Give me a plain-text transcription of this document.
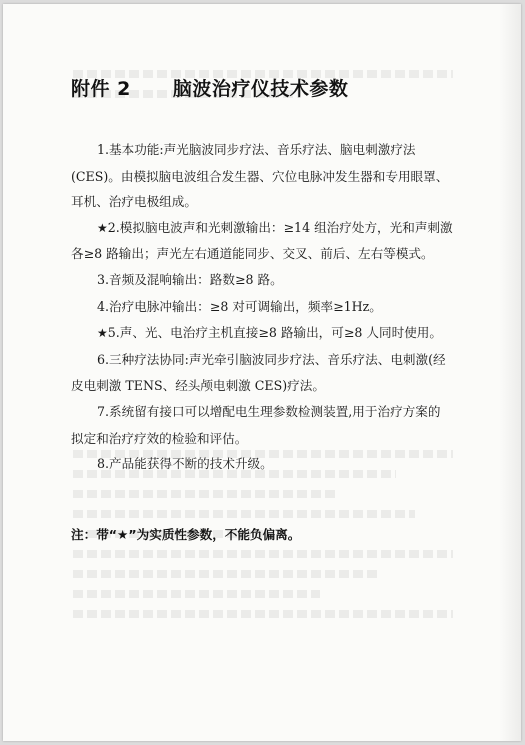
附件 2 脑波治疗仪技术参数

1.基本功能:声光脑波同步疗法、音乐疗法、脑电刺激疗法(CES)。由模拟脑电波组合发生器、穴位电脉冲发生器和专用眼罩、耳机、治疗电极组成。

★2.模拟脑电波声和光刺激输出：≥14 组治疗处方，光和声刺激各≥8 路输出；声光左右通道能同步、交叉、前后、左右等模式。

3.音频及混响输出：路数≥8 路。

4.治疗电脉冲输出：≥8 对可调输出，频率≥1Hz。

★5.声、光、电治疗主机直接≥8 路输出，可≥8 人同时使用。

6.三种疗法协同:声光牵引脑波同步疗法、音乐疗法、电刺激(经皮电刺激 TENS、经头颅电刺激 CES)疗法。

7.系统留有接口可以增配电生理参数检测装置,用于治疗方案的拟定和治疗疗效的检验和评估。

8.产品能获得不断的技术升级。

注：带“★”为实质性参数，不能负偏离。
